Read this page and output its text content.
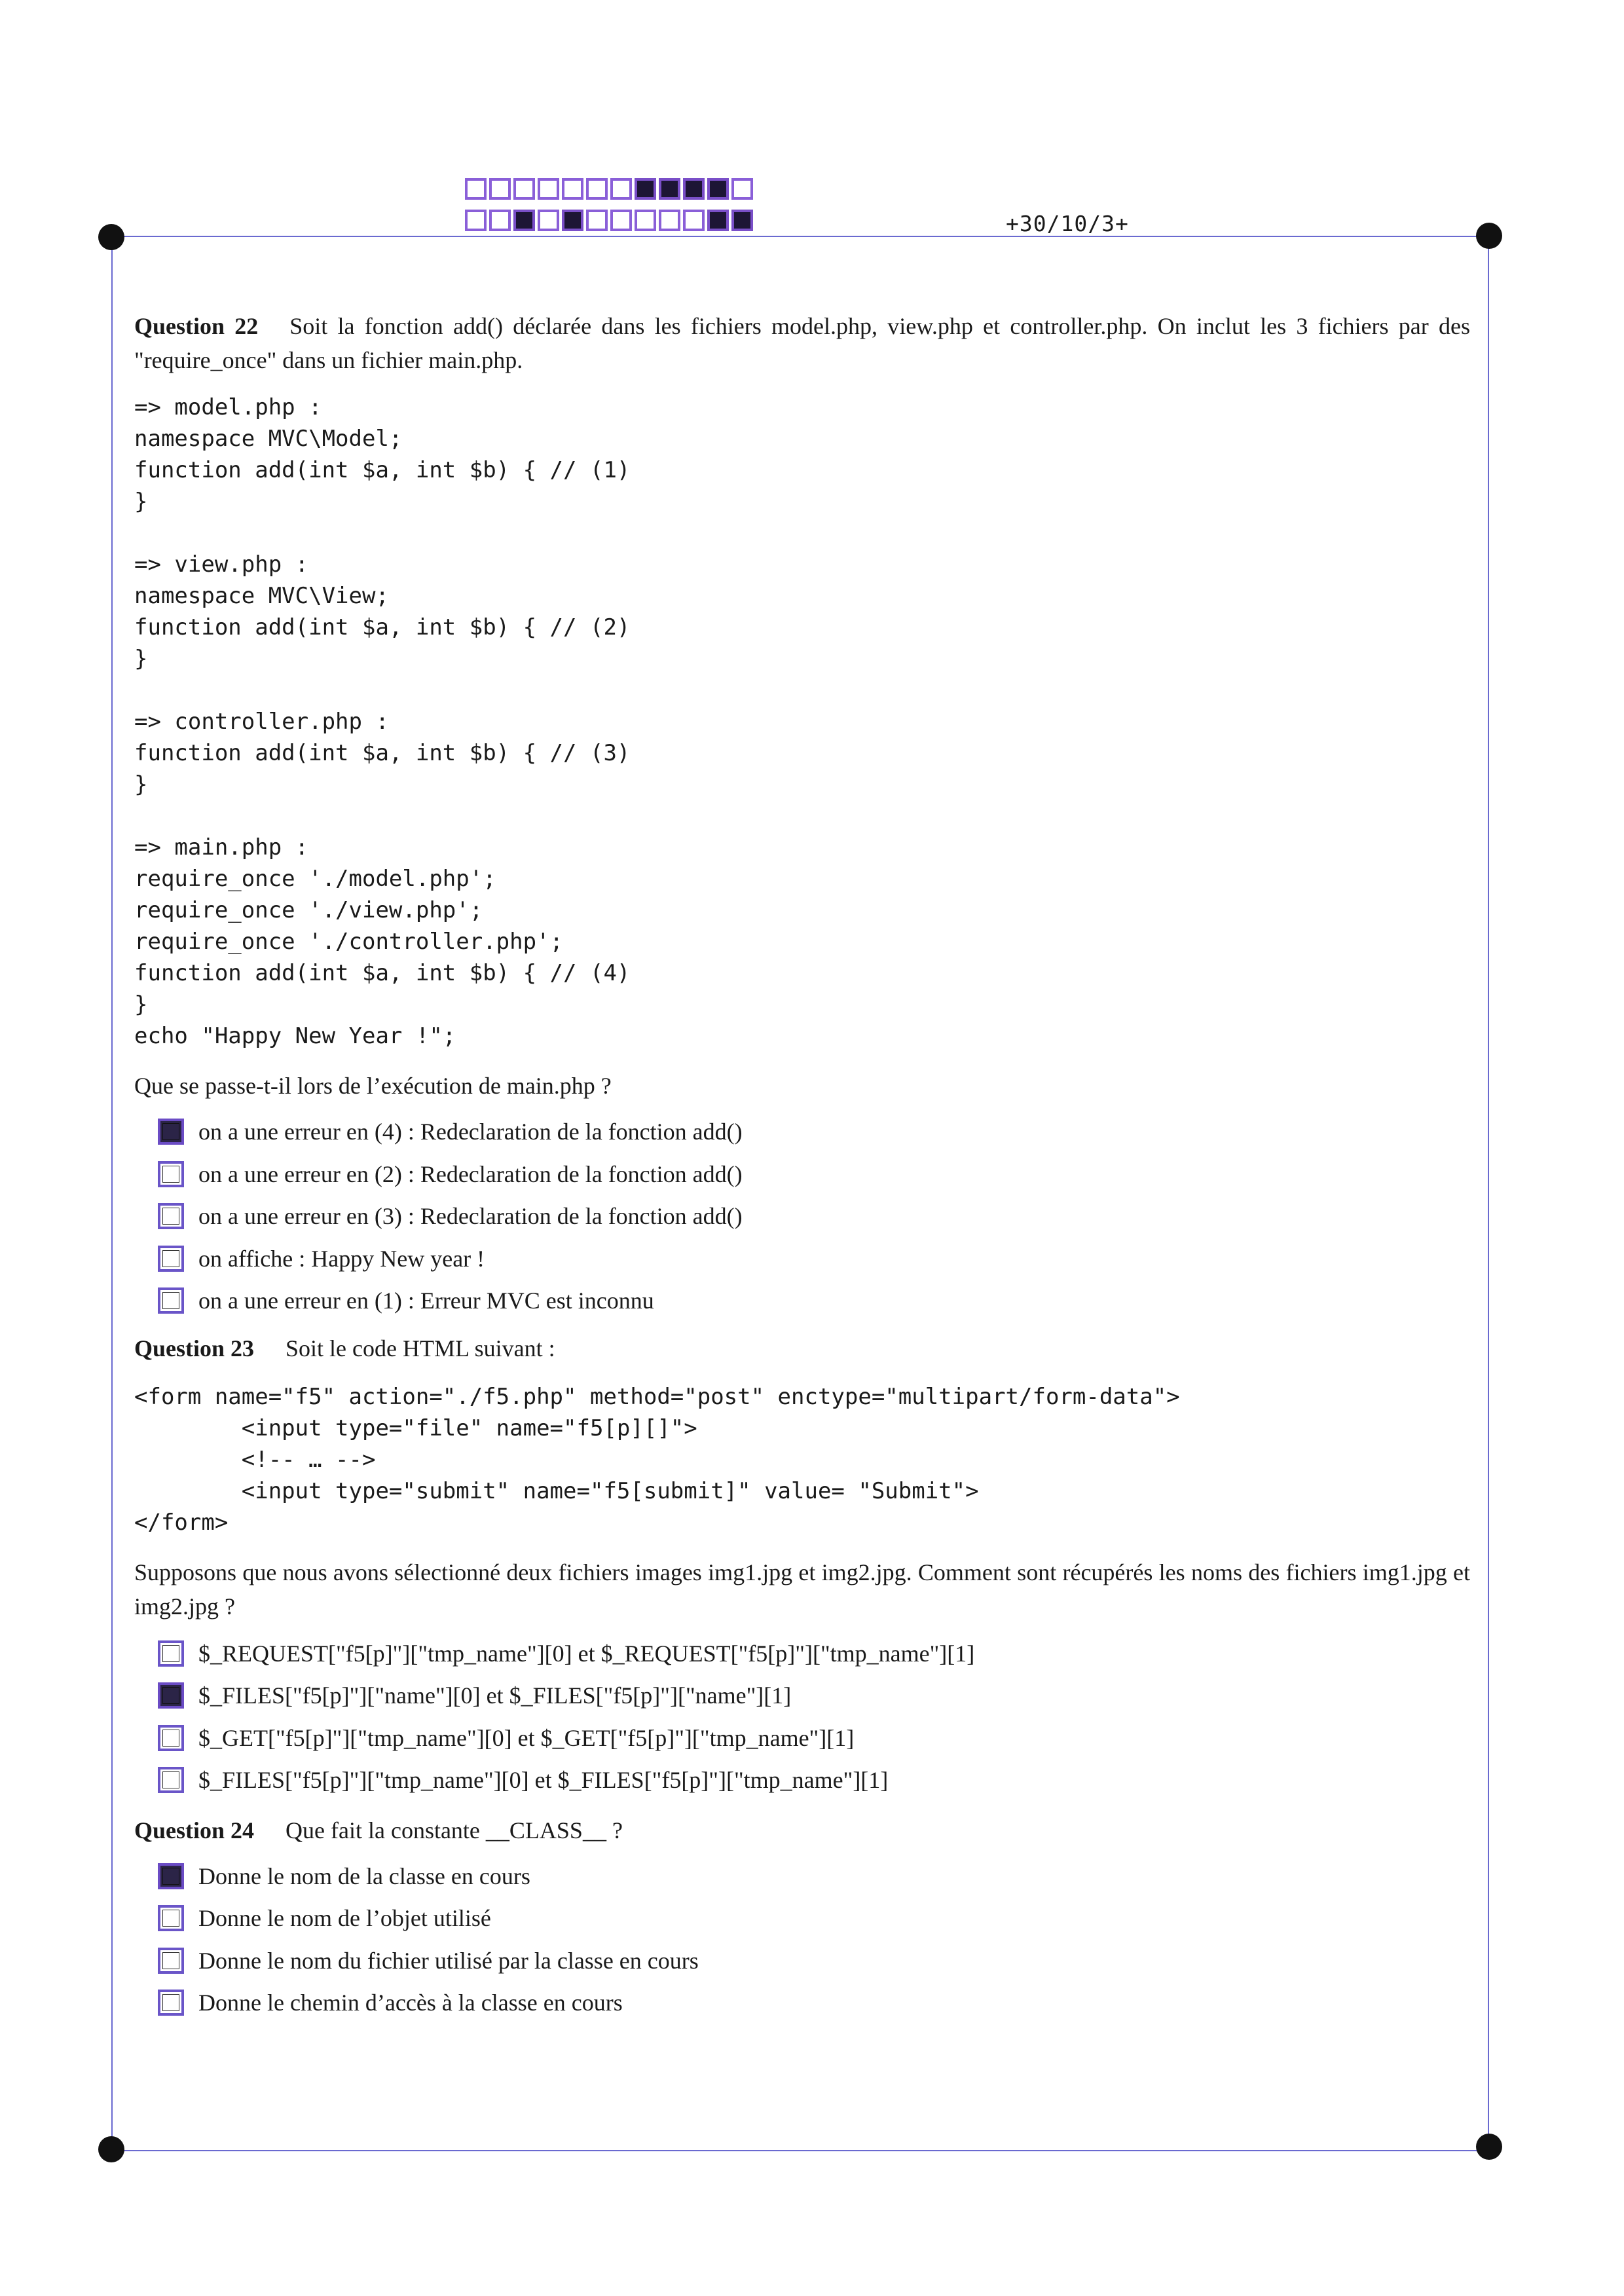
+30/10/3+

Question 22 Soit la fonction add() déclarée dans les fichiers model.php, view.php et controller.php. On inclut les 3 fichiers par des "require_once" dans un fichier main.php.

=> model.php :
namespace MVC\Model;
function add(int $a, int $b) { // (1)
}

=> view.php :
namespace MVC\View;
function add(int $a, int $b) { // (2)
}

=> controller.php :
function add(int $a, int $b) { // (3)
}

=> main.php :
require_once './model.php';
require_once './view.php';
require_once './controller.php';
function add(int $a, int $b) { // (4)
}
echo "Happy New Year !";

Que se passe-t-il lors de l’exécution de main.php ?

on a une erreur en (4) : Redeclaration de la fonction add()
on a une erreur en (2) : Redeclaration de la fonction add()
on a une erreur en (3) : Redeclaration de la fonction add()
on affiche : Happy New year !
on a une erreur en (1) : Erreur MVC est inconnu

Question 23 Soit le code HTML suivant :

<form name="f5" action="./f5.php" method="post" enctype="multipart/form-data">
<input type="file" name="f5[p][]">
<!-- … -->
<input type="submit" name="f5[submit]" value= "Submit">
</form>

Supposons que nous avons sélectionné deux fichiers images img1.jpg et img2.jpg. Comment sont récupérés les noms des fichiers img1.jpg et img2.jpg ?

$_REQUEST["f5[p]"]["tmp_name"][0] et $_REQUEST["f5[p]"]["tmp_name"][1]
$_FILES["f5[p]"]["name"][0] et $_FILES["f5[p]"]["name"][1]
$_GET["f5[p]"]["tmp_name"][0] et $_GET["f5[p]"]["tmp_name"][1]
$_FILES["f5[p]"]["tmp_name"][0] et $_FILES["f5[p]"]["tmp_name"][1]

Question 24 Que fait la constante __CLASS__ ?

Donne le nom de la classe en cours
Donne le nom de l’objet utilisé
Donne le nom du fichier utilisé par la classe en cours
Donne le chemin d’accès à la classe en cours
